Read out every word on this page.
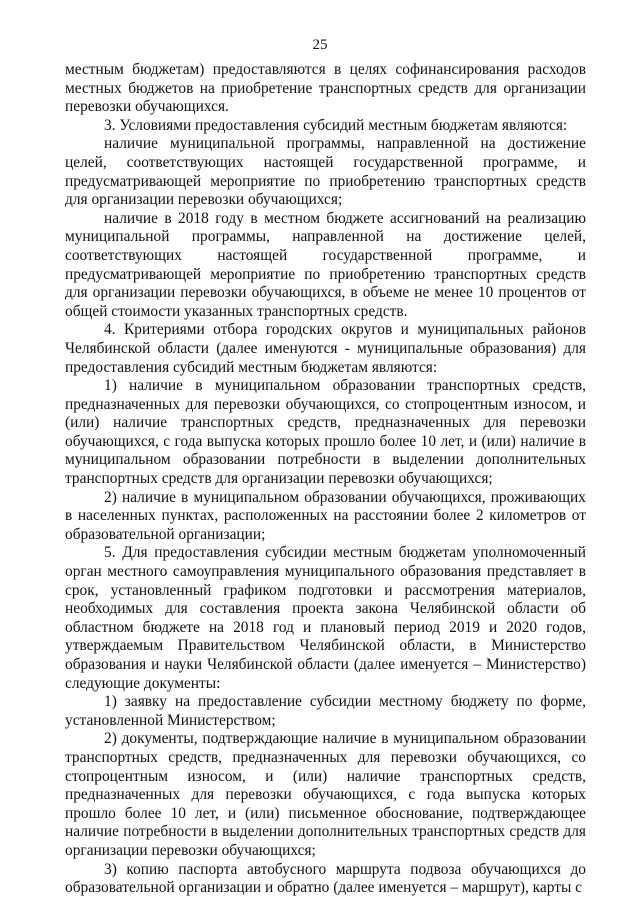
25

местным бюджетам) предоставляются в целях софинансирования расходов местных бюджетов на приобретение транспортных средств для организации перевозки обучающихся.

3. Условиями предоставления субсидий местным бюджетам являются:

наличие муниципальной программы, направленной на достижение целей, соответствующих настоящей государственной программе, и предусматривающей мероприятие по приобретению транспортных средств для организации перевозки обучающихся;

наличие в 2018 году в местном бюджете ассигнований на реализацию муниципальной программы, направленной на достижение целей, соответствующих настоящей государственной программе, и предусматривающей мероприятие по приобретению транспортных средств для организации перевозки обучающихся, в объеме не менее 10 процентов от общей стоимости указанных транспортных средств.

4. Критериями отбора городских округов и муниципальных районов Челябинской области (далее именуются - муниципальные образования) для предоставления субсидий местным бюджетам являются:

1) наличие в муниципальном образовании транспортных средств, предназначенных для перевозки обучающихся, со стопроцентным износом, и (или) наличие транспортных средств, предназначенных для перевозки обучающихся, с года выпуска которых прошло более 10 лет, и (или) наличие в муниципальном образовании потребности в выделении дополнительных транспортных средств для организации перевозки обучающихся;

2) наличие в муниципальном образовании обучающихся, проживающих в населенных пунктах, расположенных на расстоянии более 2 километров от образовательной организации;

5. Для предоставления субсидии местным бюджетам уполномоченный орган местного самоуправления муниципального образования представляет в срок, установленный графиком подготовки и рассмотрения материалов, необходимых для составления проекта закона Челябинской области об областном бюджете на 2018 год и плановый период 2019 и 2020 годов, утверждаемым Правительством Челябинской области, в Министерство образования и науки Челябинской области (далее именуется – Министерство) следующие документы:

1) заявку на предоставление субсидии местному бюджету по форме, установленной Министерством;

2) документы, подтверждающие наличие в муниципальном образовании транспортных средств, предназначенных для перевозки обучающихся, со стопроцентным износом, и (или) наличие транспортных средств, предназначенных для перевозки обучающихся, с года выпуска которых прошло более 10 лет, и (или) письменное обоснование, подтверждающее наличие потребности в выделении дополнительных транспортных средств для организации перевозки обучающихся;

3) копию паспорта автобусного маршрута подвоза обучающихся до образовательной организации и обратно (далее именуется – маршрут), карты с
